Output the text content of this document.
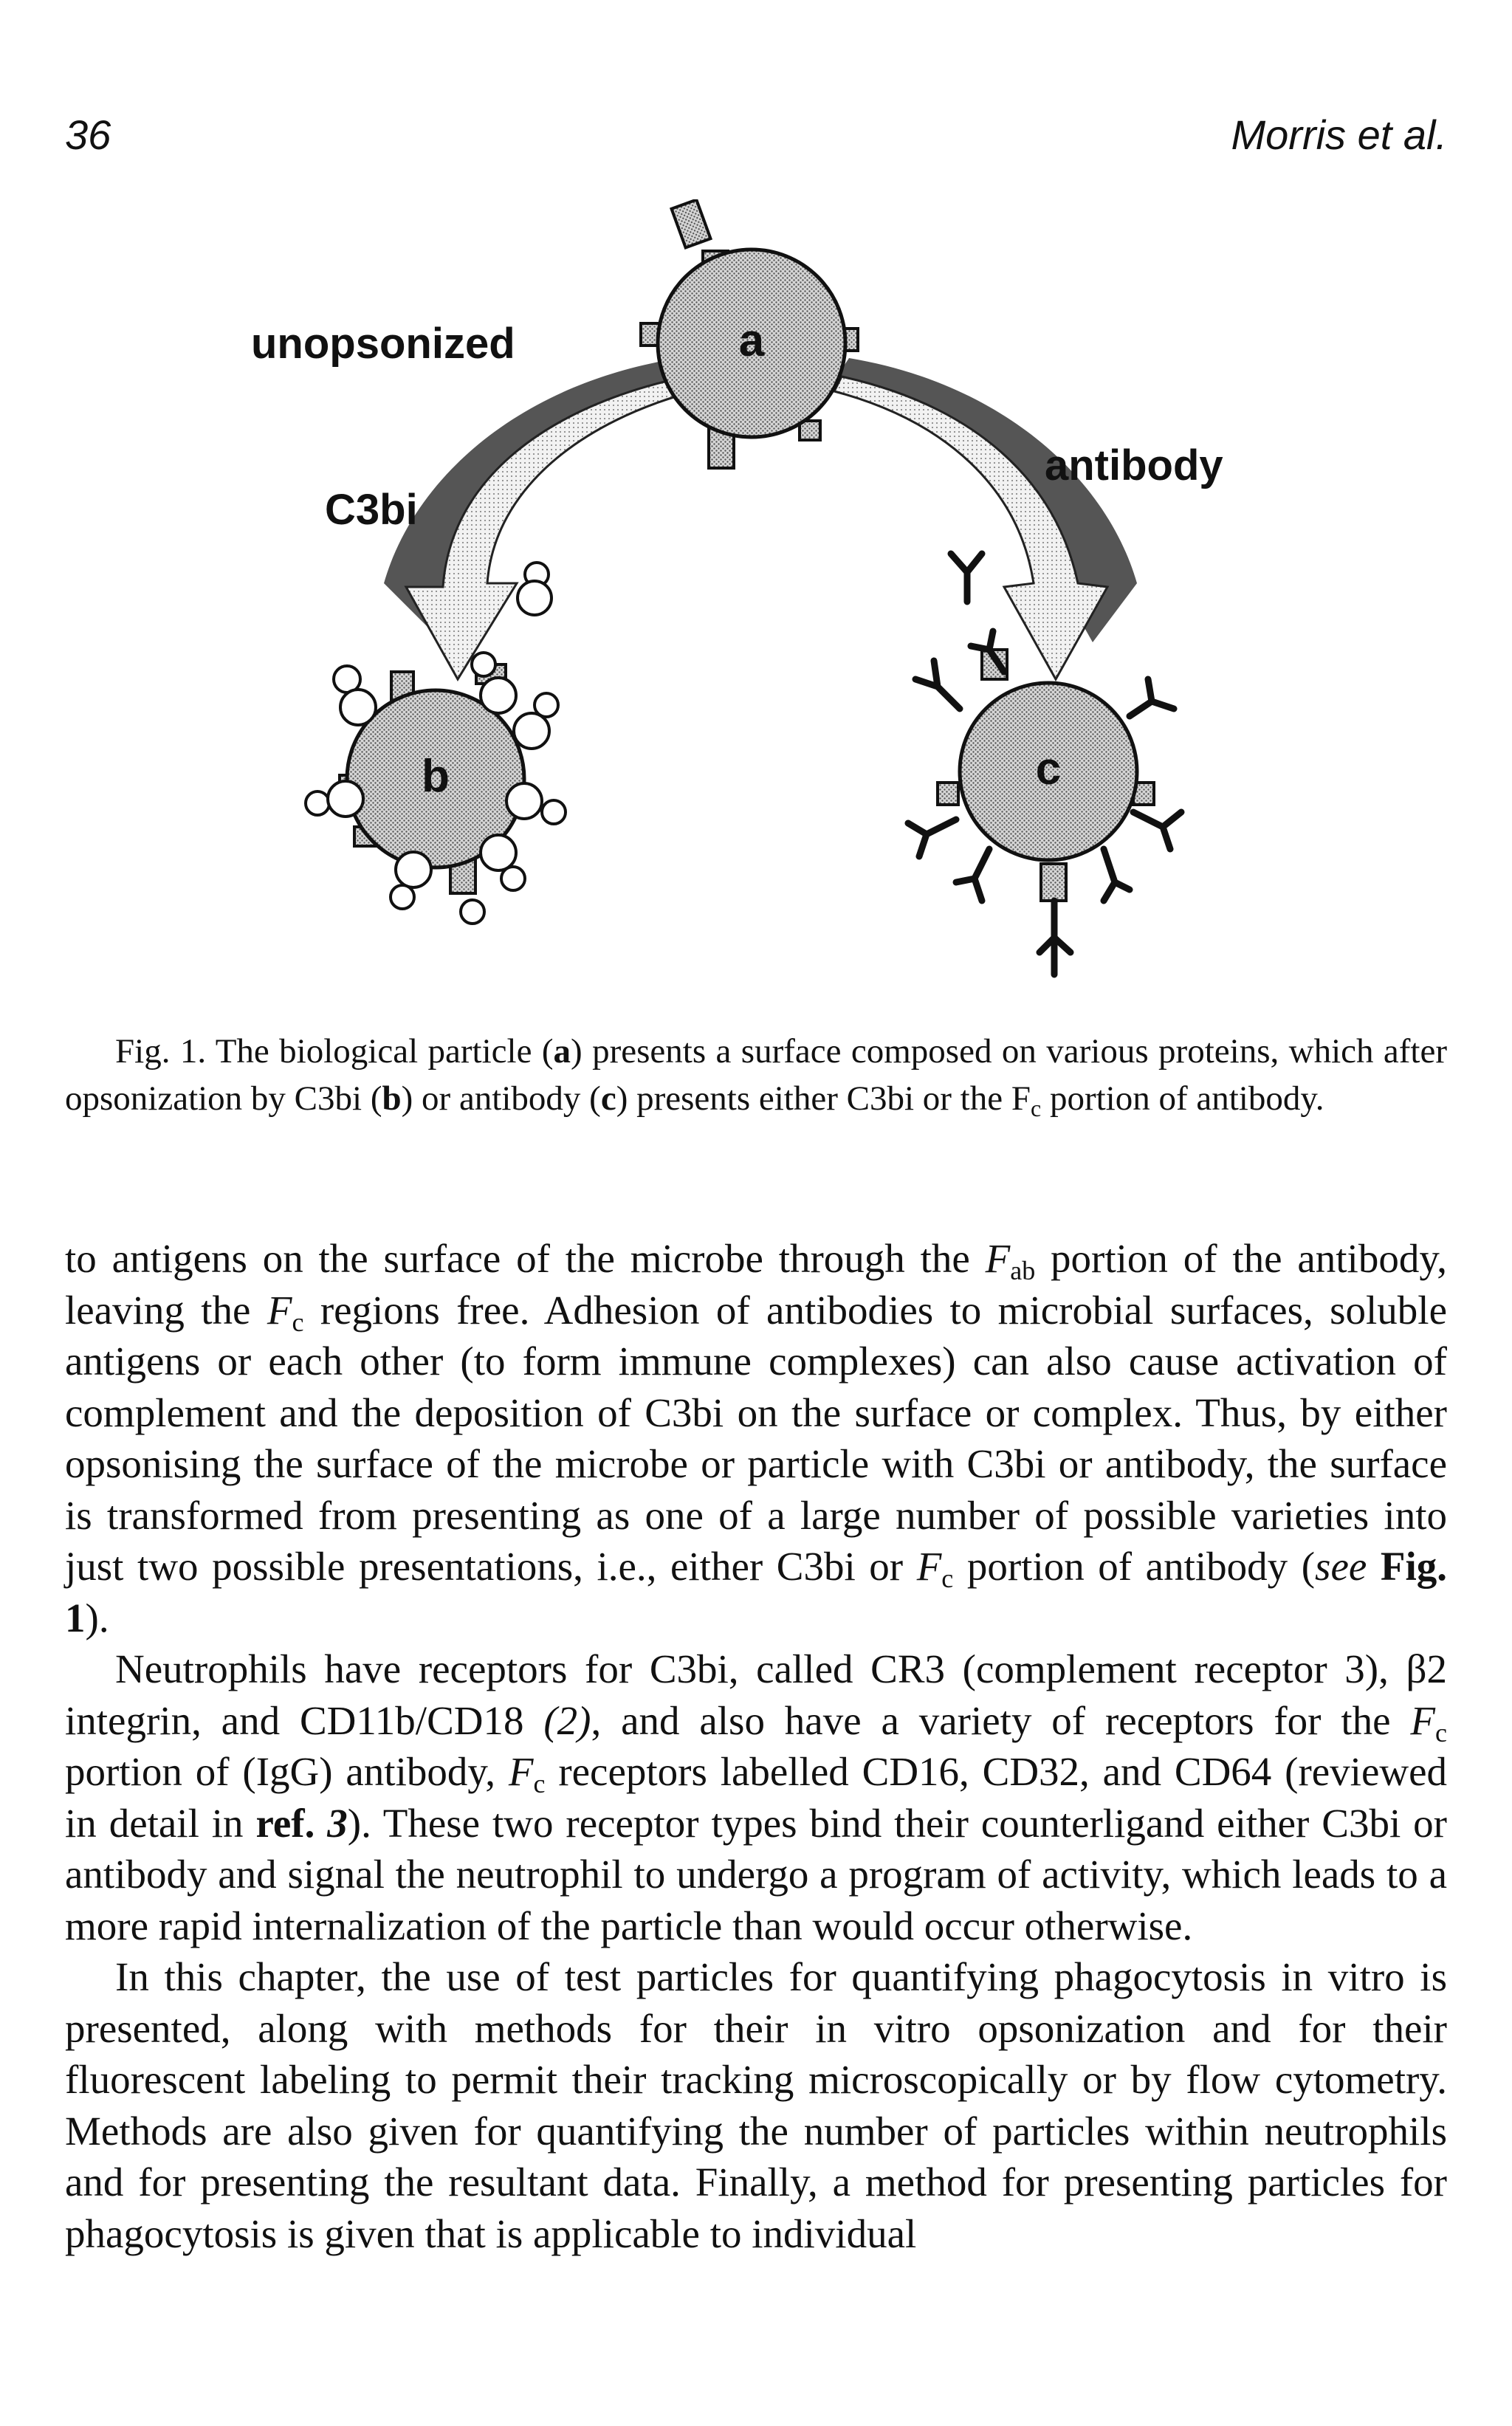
36	Morris et al.
a
b	c
unopsonized
C3bi
antibody
Fig. 1. The biological particle (a) presents a surface composed on various proteins, which after opsonization by C3bi (b) or antibody (c) presents either C3bi or the $F_c$ portion of antibody.

to antigens on the surface of the microbe through the $F_{ab}$ portion of the antibody, leaving the $F_c$ regions free. Adhesion of antibodies to microbial surfaces, soluble antigens or each other (to form immune complexes) can also cause activation of complement and the deposition of C3bi on the surface or complex. Thus, by either opsonising the surface of the microbe or particle with C3bi or antibody, the surface is transformed from presenting as one of a large number of possible varieties into just two possible presentations, i.e., either C3bi or $F_c$ portion of antibody (see Fig. 1).

Neutrophils have receptors for C3bi, called CR3 (complement receptor 3), β2 integrin, and CD11b/CD18 (2), and also have a variety of receptors for the $F_c$ portion of (IgG) antibody, $F_c$ receptors labelled CD16, CD32, and CD64 (reviewed in detail in ref. 3). These two receptor types bind their counterligand either C3bi or antibody and signal the neutrophil to undergo a program of activity, which leads to a more rapid internalization of the particle than would occur otherwise.

In this chapter, the use of test particles for quantifying phagocytosis in vitro is presented, along with methods for their in vitro opsonization and for their fluorescent labeling to permit their tracking microscopically or by flow cytometry. Methods are also given for quantifying the number of particles within neutrophils and for presenting the resultant data. Finally, a method for presenting particles for phagocytosis is given that is applicable to individual
